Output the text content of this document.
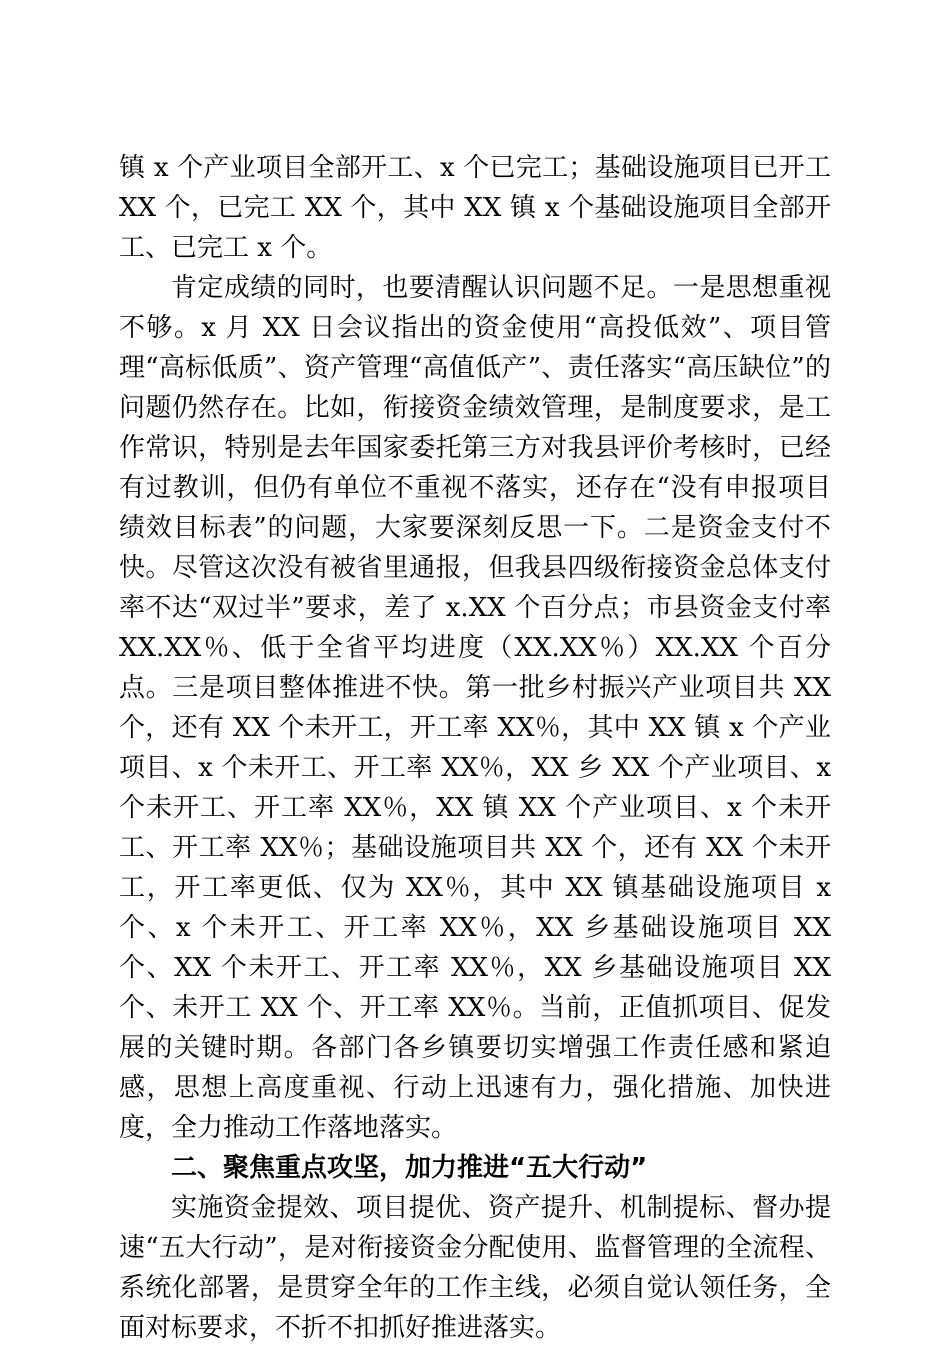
镇 x 个产业项目全部开工、x 个已完工；基础设施项目已开工 XX 个，已完工 XX 个，其中 XX 镇 x 个基础设施项目全部开工、已完工 x 个。

肯定成绩的同时，也要清醒认识问题不足。一是思想重视不够。x 月 XX 日会议指出的资金使用“高投低效”、项目管理“高标低质”、资产管理“高值低产”、责任落实“高压缺位”的问题仍然存在。比如，衔接资金绩效管理，是制度要求，是工作常识，特别是去年国家委托第三方对我县评价考核时，已经有过教训，但仍有单位不重视不落实，还存在“没有申报项目绩效目标表”的问题，大家要深刻反思一下。二是资金支付不快。尽管这次没有被省里通报，但我县四级衔接资金总体支付率不达“双过半”要求，差了 x.XX 个百分点；市县资金支付率 XX.XX％、低于全省平均进度（XX.XX％）XX.XX 个百分点。三是项目整体推进不快。第一批乡村振兴产业项目共 XX 个，还有 XX 个未开工，开工率 XX％，其中 XX 镇 x 个产业项目、x 个未开工、开工率 XX％，XX 乡 XX 个产业项目、x 个未开工、开工率 XX％，XX 镇 XX 个产业项目、x 个未开工、开工率 XX％；基础设施项目共 XX 个，还有 XX 个未开工，开工率更低、仅为 XX％，其中 XX 镇基础设施项目 x 个、x 个未开工、开工率 XX％，XX 乡基础设施项目 XX 个、XX 个未开工、开工率 XX％，XX 乡基础设施项目 XX 个、未开工 XX 个、开工率 XX％。当前，正值抓项目、促发展的关键时期。各部门各乡镇要切实增强工作责任感和紧迫感，思想上高度重视、行动上迅速有力，强化措施、加快进度，全力推动工作落地落实。

二、聚焦重点攻坚，加力推进“五大行动”

实施资金提效、项目提优、资产提升、机制提标、督办提速“五大行动”，是对衔接资金分配使用、监督管理的全流程、系统化部署，是贯穿全年的工作主线，必须自觉认领任务，全面对标要求，不折不扣抓好推进落实。
